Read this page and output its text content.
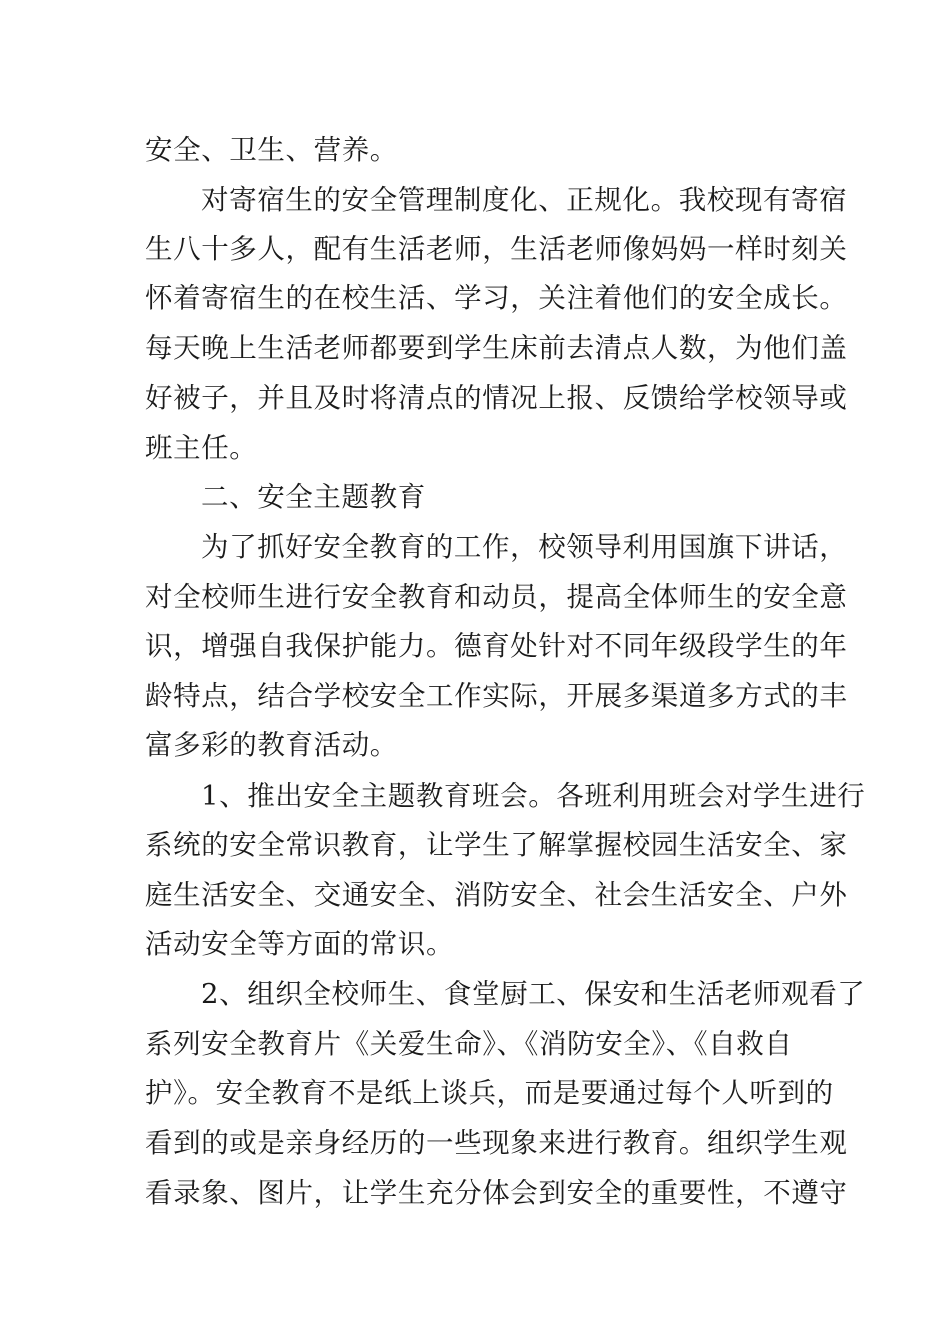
安全、卫生、营养。
对寄宿生的安全管理制度化、正规化。我校现有寄宿
生八十多人，配有生活老师，生活老师像妈妈一样时刻关
怀着寄宿生的在校生活、学习，关注着他们的安全成长。
每天晚上生活老师都要到学生床前去清点人数，为他们盖
好被子，并且及时将清点的情况上报、反馈给学校领导或
班主任。
二、安全主题教育
为了抓好安全教育的工作，校领导利用国旗下讲话，
对全校师生进行安全教育和动员，提高全体师生的安全意
识，增强自我保护能力。德育处针对不同年级段学生的年
龄特点，结合学校安全工作实际，开展多渠道多方式的丰
富多彩的教育活动。
1、推出安全主题教育班会。各班利用班会对学生进行
系统的安全常识教育，让学生了解掌握校园生活安全、家
庭生活安全、交通安全、消防安全、社会生活安全、户外
活动安全等方面的常识。
2、组织全校师生、食堂厨工、保安和生活老师观看了
系列安全教育片《关爱生命》、《消防安全》、《自救自
护》。安全教育不是纸上谈兵，而是要通过每个人听到的
看到的或是亲身经历的一些现象来进行教育。组织学生观
看录象、图片，让学生充分体会到安全的重要性，不遵守
